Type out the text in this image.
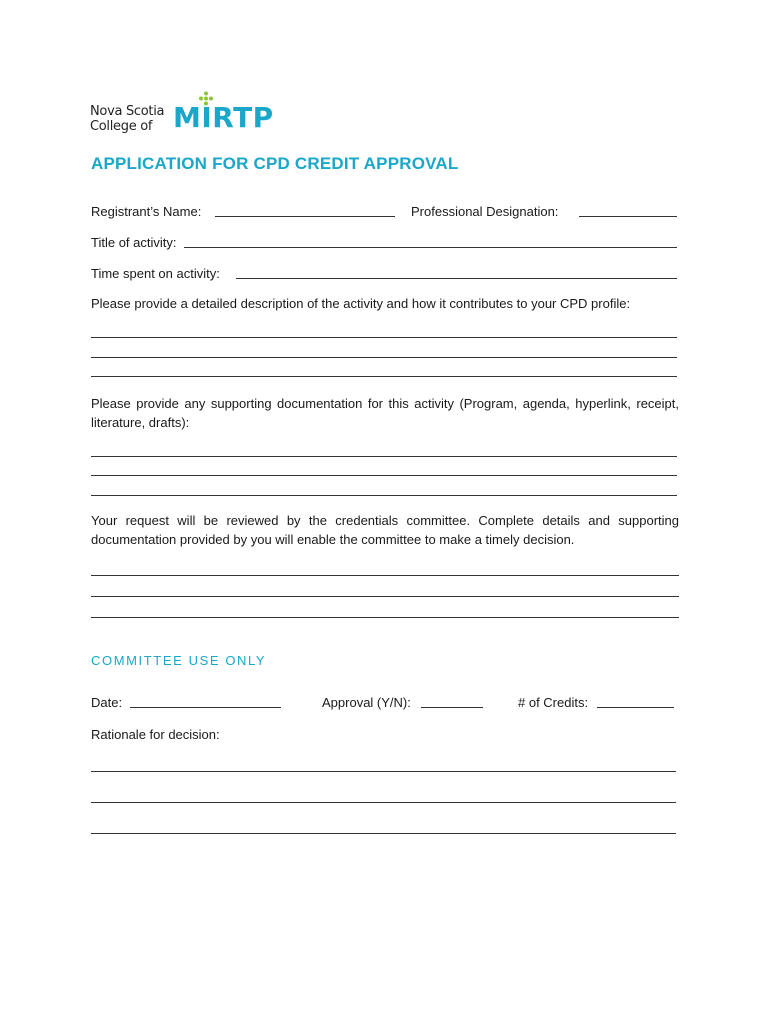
Nova Scotia
College of MIRTP
APPLICATION FOR CPD CREDIT APPROVAL
Registrant’s Name:	Professional Designation:
Title of activity:
Time spent on activity:

Please provide a detailed description of the activity and how it contributes to your CPD profile:

Please provide any supporting documentation for this activity (Program, agenda, hyperlink, receipt, literature, drafts):

Your request will be reviewed by the credentials committee. Complete details and supporting documentation provided by you will enable the committee to make a timely decision.

COMMITTEE USE ONLY

Date:	Approval (Y/N):	# of Credits:
Rationale for decision:
